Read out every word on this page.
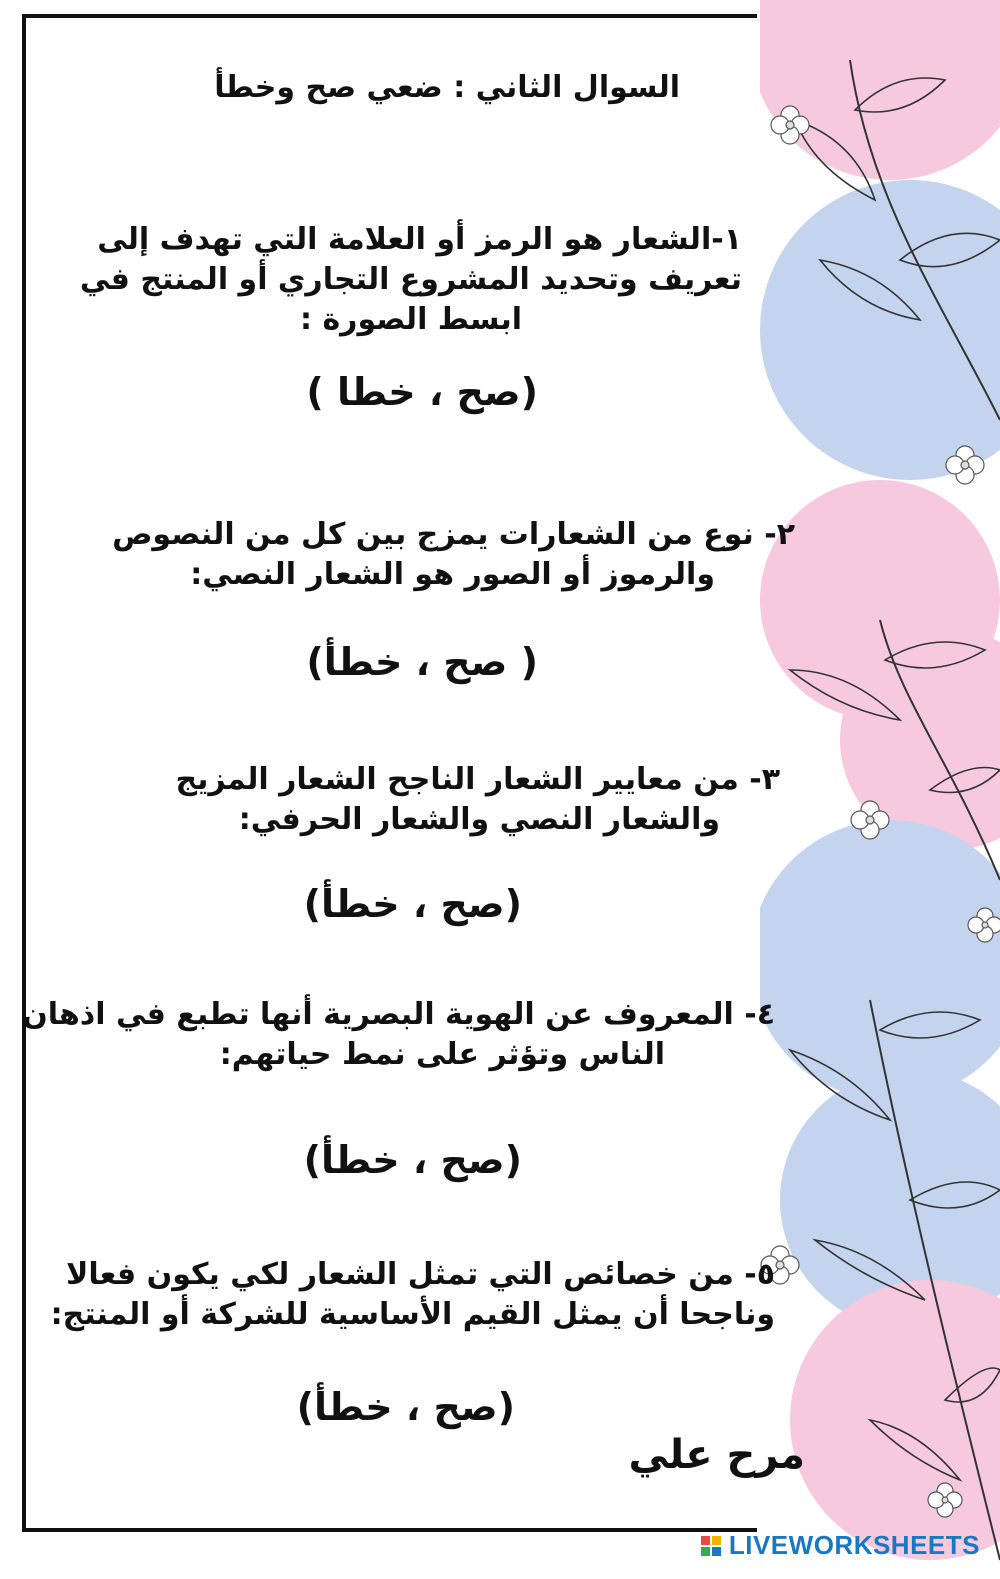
السوال الثاني : ضعي صح وخطأ
١-الشعار هو الرمز أو العلامة التي تهدف إلى
تعريف وتحديد المشروع التجاري أو المنتج في
ابسط الصورة :
(صح ، خطا )
٢- نوع من الشعارات يمزج بين كل من النصوص
والرموز أو الصور هو الشعار النصي:
( صح ، خطأ)
٣- من معايير الشعار الناجح الشعار المزيج
والشعار النصي والشعار الحرفي:
(صح ، خطأ)
٤- المعروف عن الهوية البصرية أنها تطبع في اذهان
الناس وتؤثر على نمط حياتهم:
(صح ، خطأ)
٥- من خصائص التي تمثل الشعار لكي يكون فعالا
وناجحا أن يمثل القيم الأساسية للشركة أو المنتج:
(صح ، خطأ)
مرح علي
LIVEWORKSHEETS
